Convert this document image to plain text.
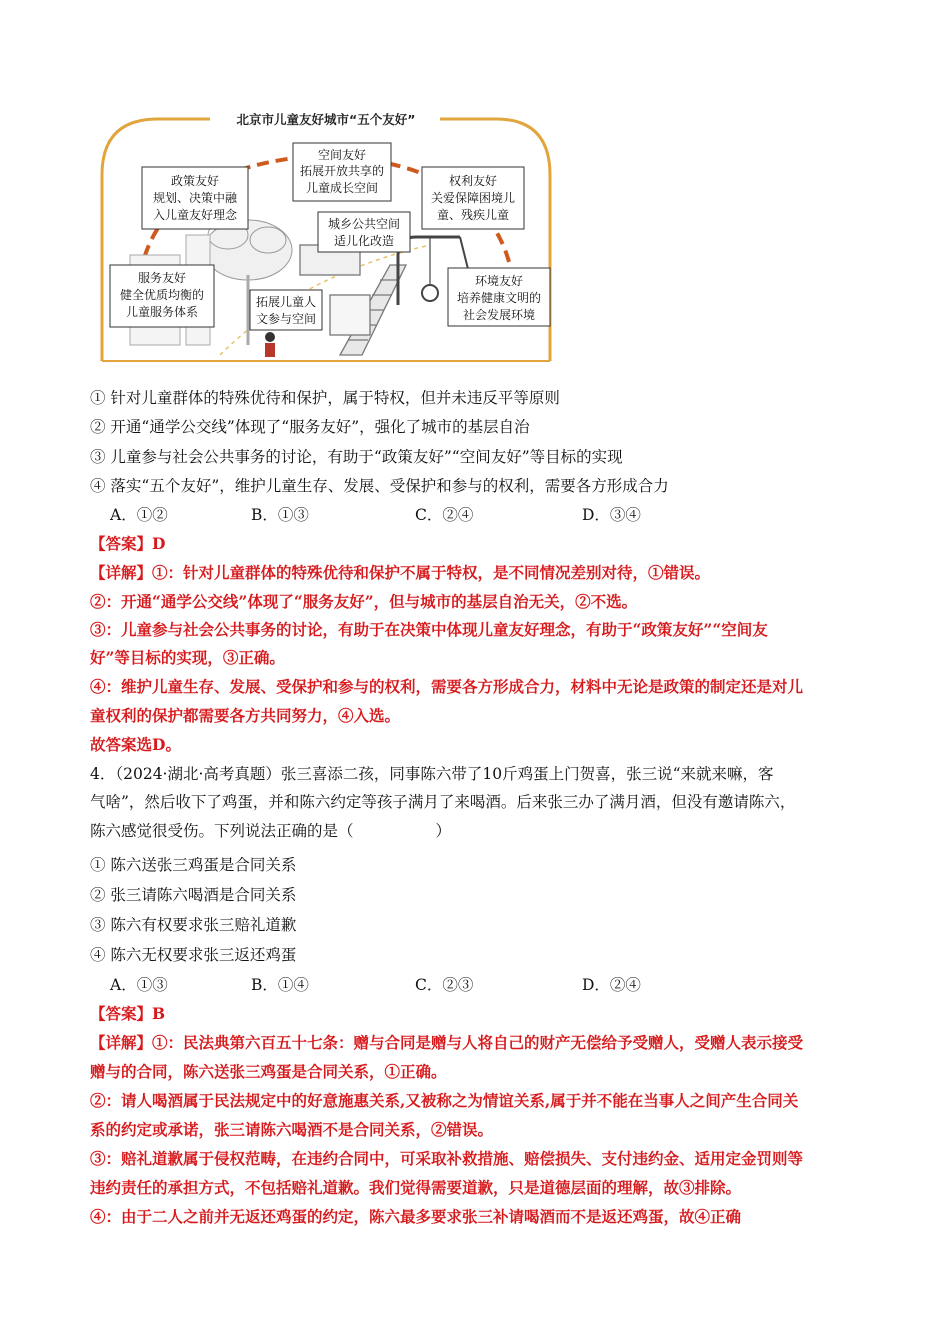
北京市儿童友好城市“五个友好”
空间友好
拓展开放共享的
儿童成长空间
政策友好
规划、决策中融
入儿童友好理念
权利友好
关爱保障困境儿
童、残疾儿童
城乡公共空间
适儿化改造
服务友好
健全优质均衡的
儿童服务体系
拓展儿童人
文参与空间
环境友好
培养健康文明的
社会发展环境
① 针对儿童群体的特殊优待和保护，属于特权，但并未违反平等原则
② 开通“通学公交线”体现了“服务友好”，强化了城市的基层自治
③ 儿童参与社会公共事务的讨论，有助于“政策友好”“空间友好”等目标的实现
④ 落实“五个友好”，维护儿童生存、发展、受保护和参与的权利，需要各方形成合力
A．①②	B．①③	C．②④	D．③④
【答案】D
【详解】①：针对儿童群体的特殊优待和保护不属于特权，是不同情况差别对待，①错误。
②：开通“通学公交线”体现了“服务友好”，但与城市的基层自治无关，②不选。
③：儿童参与社会公共事务的讨论，有助于在决策中体现儿童友好理念，有助于“政策友好”“空间友
好”等目标的实现，③正确。
④：维护儿童生存、发展、受保护和参与的权利，需要各方形成合力，材料中无论是政策的制定还是对儿
童权利的保护都需要各方共同努力，④入选。
故答案选D。
4．（2024·湖北·高考真题）张三喜添二孩，同事陈六带了10斤鸡蛋上门贺喜，张三说“来就来嘛，客
气啥”，然后收下了鸡蛋，并和陈六约定等孩子满月了来喝酒。后来张三办了满月酒，但没有邀请陈六，
陈六感觉很受伤。下列说法正确的是（	）
① 陈六送张三鸡蛋是合同关系
② 张三请陈六喝酒是合同关系
③ 陈六有权要求张三赔礼道歉
④ 陈六无权要求张三返还鸡蛋
A．①③	B．①④	C．②③	D．②④
【答案】B
【详解】①：民法典第六百五十七条：赠与合同是赠与人将自己的财产无偿给予受赠人，受赠人表示接受
赠与的合同，陈六送张三鸡蛋是合同关系，①正确。
②：请人喝酒属于民法规定中的好意施惠关系,又被称之为情谊关系,属于并不能在当事人之间产生合同关
系的约定或承诺，张三请陈六喝酒不是合同关系，②错误。
③：赔礼道歉属于侵权范畴，在违约合同中，可采取补救措施、赔偿损失、支付违约金、适用定金罚则等
违约责任的承担方式，不包括赔礼道歉。我们觉得需要道歉，只是道德层面的理解，故③排除。
④：由于二人之前并无返还鸡蛋的约定，陈六最多要求张三补请喝酒而不是返还鸡蛋，故④正确
